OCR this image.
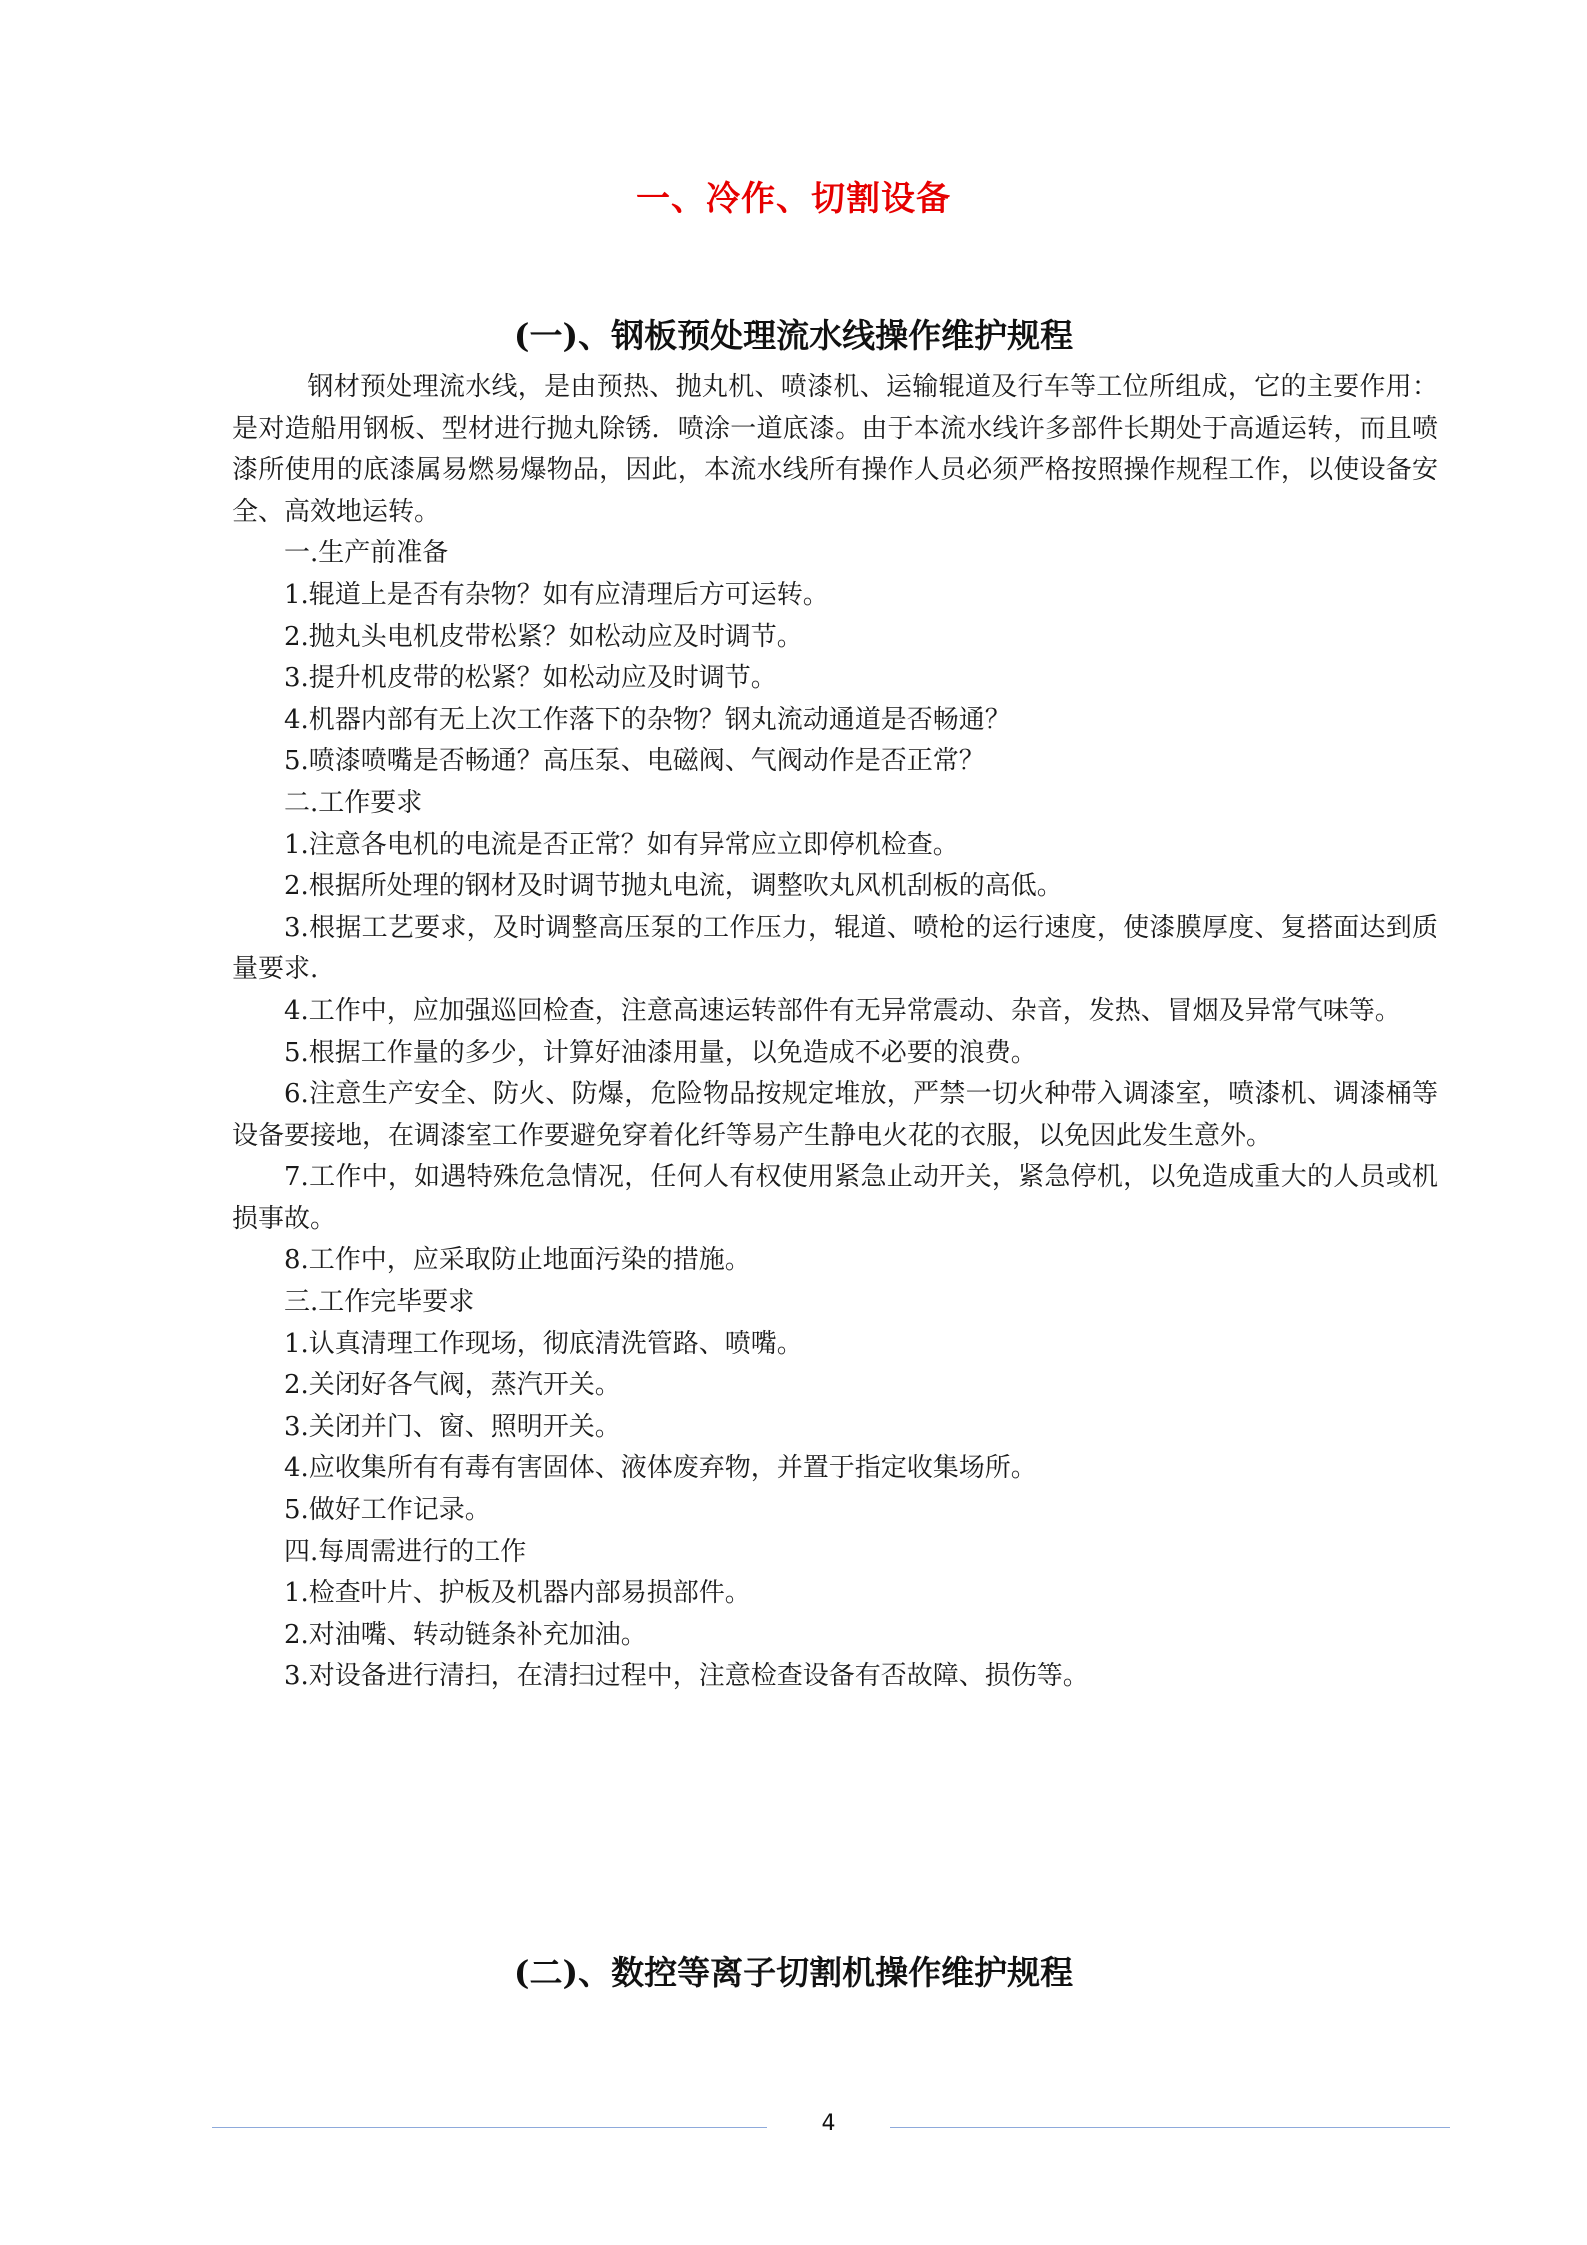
一、冷作、切割设备
(一)、钢板预处理流水线操作维护规程

钢材预处理流水线，是由预热、抛丸机、喷漆机、运输辊道及行车等工位所组成，它的主要作用：是对造船用钢板、型材进行抛丸除锈．喷涂一道底漆。由于本流水线许多部件长期处于高遁运转，而且喷漆所使用的底漆属易燃易爆物品，因此，本流水线所有操作人员必须严格按照操作规程工作，以使设备安全、高效地运转。

一.生产前准备

1.辊道上是否有杂物？如有应清理后方可运转。

2.抛丸头电机皮带松紧？如松动应及时调节。

3.提升机皮带的松紧？如松动应及时调节。

4.机器内部有无上次工作落下的杂物？钢丸流动通道是否畅通？

5.喷漆喷嘴是否畅通？高压泵、电磁阀、气阀动作是否正常？

二.工作要求

1.注意各电机的电流是否正常？如有异常应立即停机检查。

2.根据所处理的钢材及时调节抛丸电流，调整吹丸风机刮板的高低。

3.根据工艺要求，及时调整高压泵的工作压力，辊道、喷枪的运行速度，使漆膜厚度、复搭面达到质量要求.

4.工作中，应加强巡回检查，注意高速运转部件有无异常震动、杂音，发热、冒烟及异常气味等。

5.根据工作量的多少，计算好油漆用量，以免造成不必要的浪费。

6.注意生产安全、防火、防爆，危险物品按规定堆放，严禁一切火种带入调漆室，喷漆机、调漆桶等设备要接地，在调漆室工作要避免穿着化纤等易产生静电火花的衣服，以免因此发生意外。

7.工作中，如遇特殊危急情况，任何人有权使用紧急止动开关，紧急停机，以免造成重大的人员或机损事故。

8.工作中，应采取防止地面污染的措施。

三.工作完毕要求

1.认真清理工作现场，彻底清洗管路、喷嘴。

2.关闭好各气阀，蒸汽开关。

3.关闭并门、窗、照明开关。

4.应收集所有有毒有害固体、液体废弃物，并置于指定收集场所。

5.做好工作记录。

四.每周需进行的工作

1.检查叶片、护板及机器内部易损部件。

2.对油嘴、转动链条补充加油。

3.对设备进行清扫，在清扫过程中，注意检查设备有否故障、损伤等。

(二)、数控等离子切割机操作维护规程
4
